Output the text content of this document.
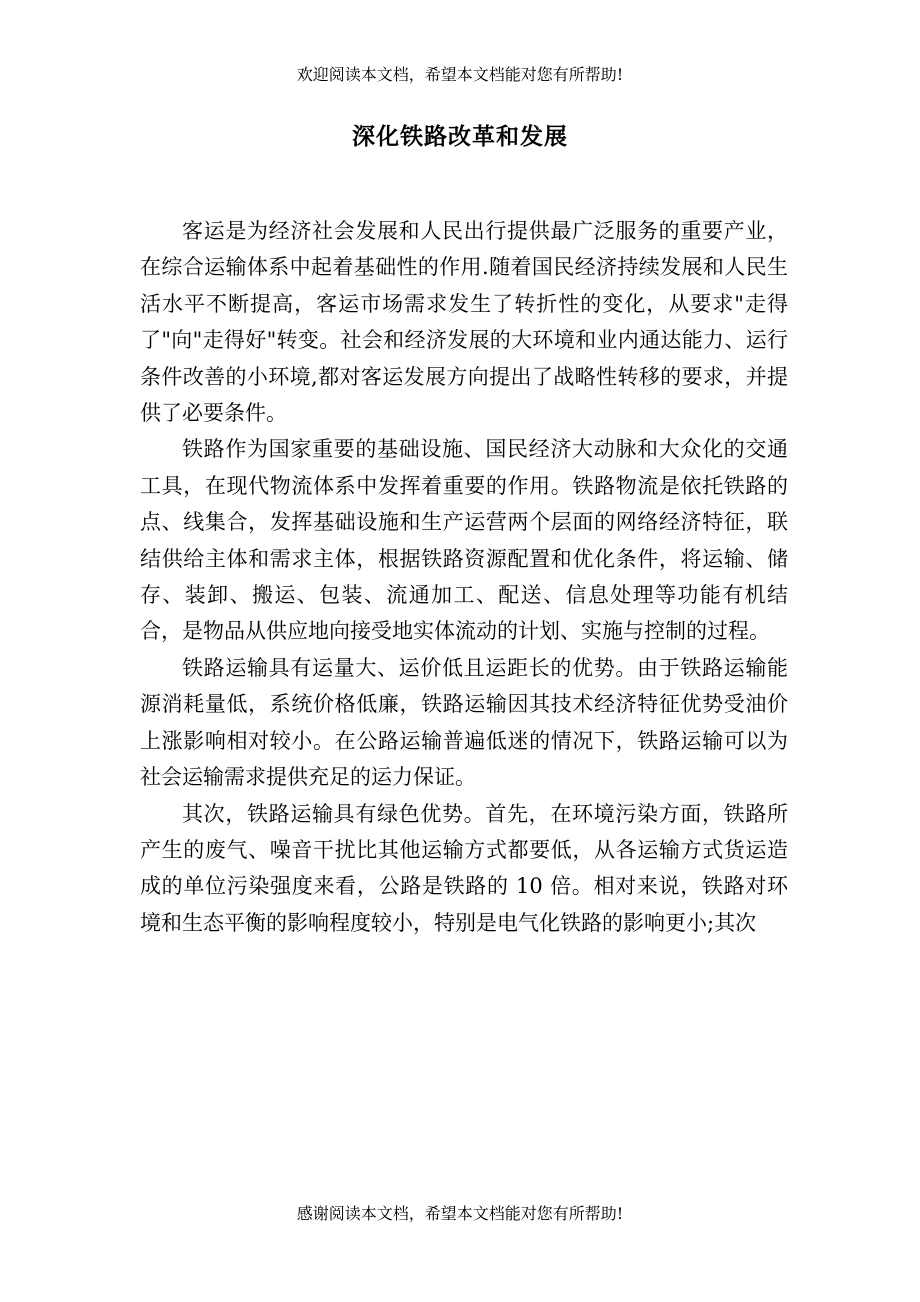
欢迎阅读本文档，希望本文档能对您有所帮助!
深化铁路改革和发展

客运是为经济社会发展和人民出行提供最广泛服务的重要产业，在综合运输体系中起着基础性的作用.随着国民经济持续发展和人民生活水平不断提高，客运市场需求发生了转折性的变化，从要求"走得了"向"走得好"转变。社会和经济发展的大环境和业内通达能力、运行条件改善的小环境,都对客运发展方向提出了战略性转移的要求，并提供了必要条件。

铁路作为国家重要的基础设施、国民经济大动脉和大众化的交通工具，在现代物流体系中发挥着重要的作用。铁路物流是依托铁路的点、线集合，发挥基础设施和生产运营两个层面的网络经济特征，联结供给主体和需求主体，根据铁路资源配置和优化条件，将运输、储存、装卸、搬运、包装、流通加工、配送、信息处理等功能有机结合，是物品从供应地向接受地实体流动的计划、实施与控制的过程。

铁路运输具有运量大、运价低且运距长的优势。由于铁路运输能源消耗量低，系统价格低廉，铁路运输因其技术经济特征优势受油价上涨影响相对较小。在公路运输普遍低迷的情况下，铁路运输可以为社会运输需求提供充足的运力保证。

其次，铁路运输具有绿色优势。首先，在环境污染方面，铁路所产生的废气、噪音干扰比其他运输方式都要低，从各运输方式货运造成的单位污染强度来看，公路是铁路的 10 倍。相对来说，铁路对环境和生态平衡的影响程度较小，特别是电气化铁路的影响更小;其次

感谢阅读本文档，希望本文档能对您有所帮助!
